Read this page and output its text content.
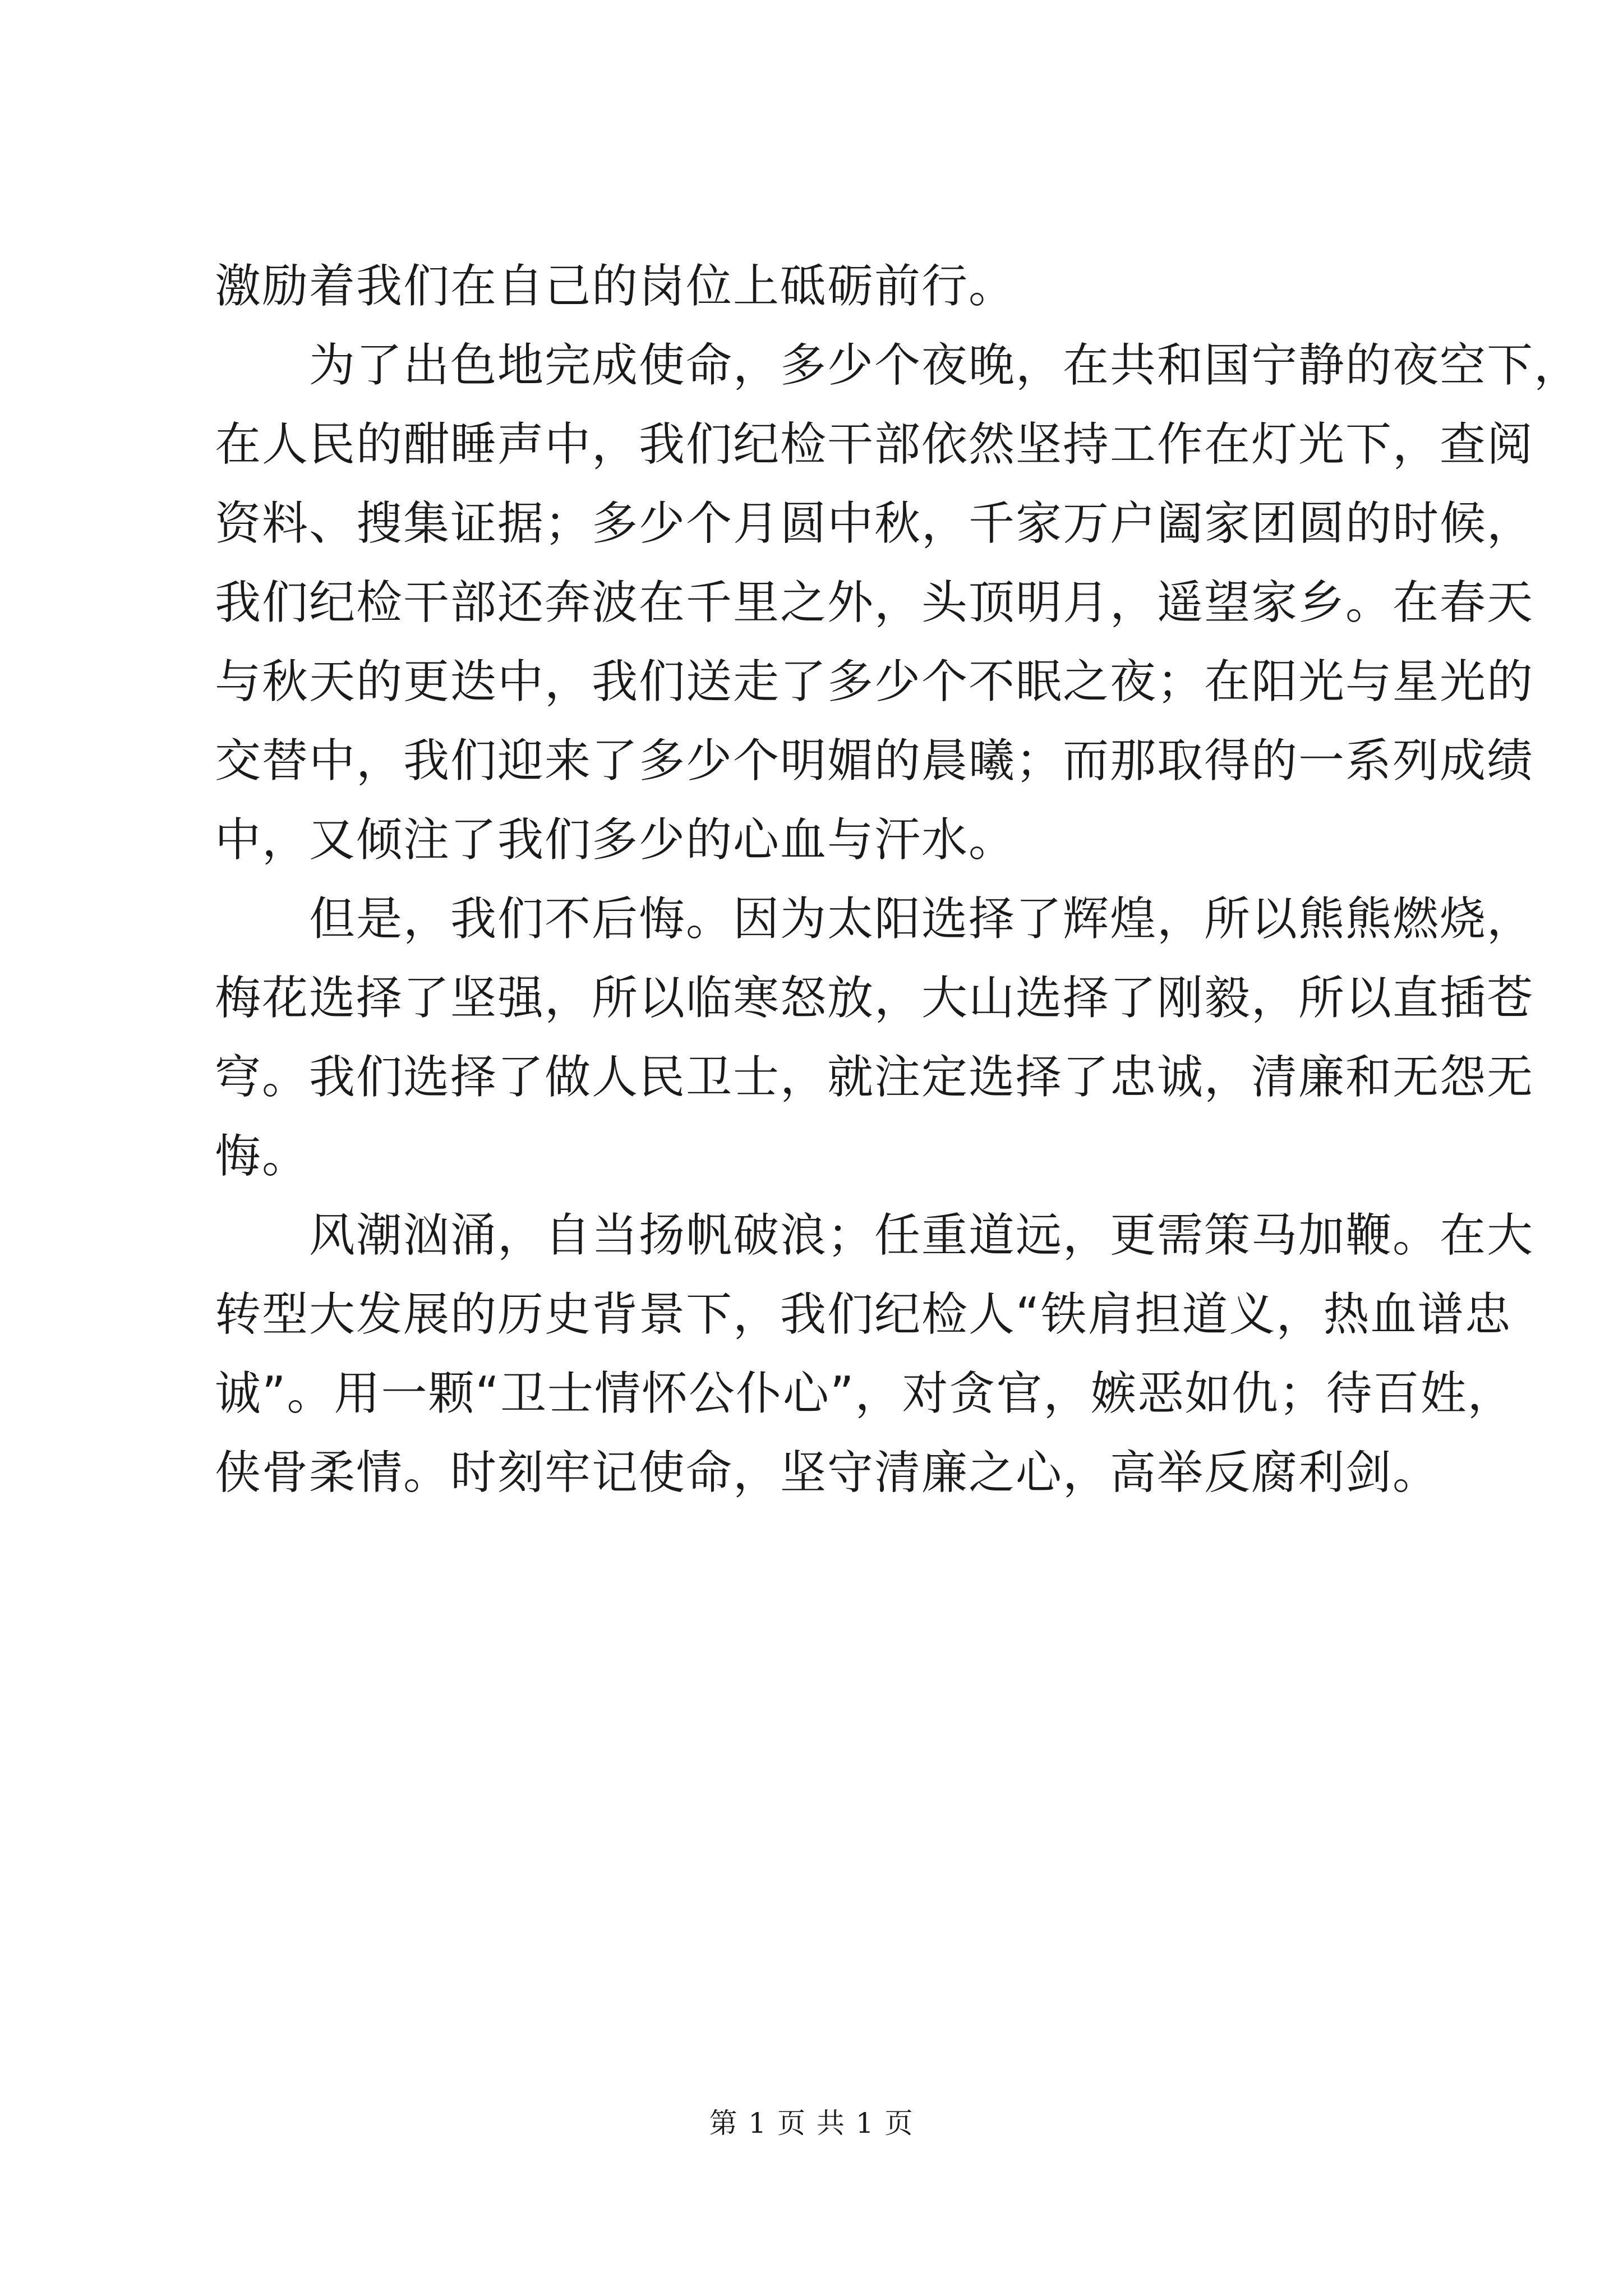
激励着我们在自己的岗位上砥砺前行。
　　为了出色地完成使命，多少个夜晚，在共和国宁静的夜空下，
在人民的酣睡声中，我们纪检干部依然坚持工作在灯光下，查阅
资料、搜集证据；多少个月圆中秋，千家万户阖家团圆的时候，
我们纪检干部还奔波在千里之外，头顶明月，遥望家乡。在春天
与秋天的更迭中，我们送走了多少个不眠之夜；在阳光与星光的
交替中，我们迎来了多少个明媚的晨曦；而那取得的一系列成绩
中，又倾注了我们多少的心血与汗水。
　　但是，我们不后悔。因为太阳选择了辉煌，所以熊熊燃烧，
梅花选择了坚强，所以临寒怒放，大山选择了刚毅，所以直插苍
穹。我们选择了做人民卫士，就注定选择了忠诚，清廉和无怨无
悔。
　　风潮汹涌，自当扬帆破浪；任重道远，更需策马加鞭。在大
转型大发展的历史背景下，我们纪检人“铁肩担道义，热血谱忠
诚”。用一颗“卫士情怀公仆心”，对贪官，嫉恶如仇；待百姓，
侠骨柔情。时刻牢记使命，坚守清廉之心，高举反腐利剑。
第 1 页 共 1 页
